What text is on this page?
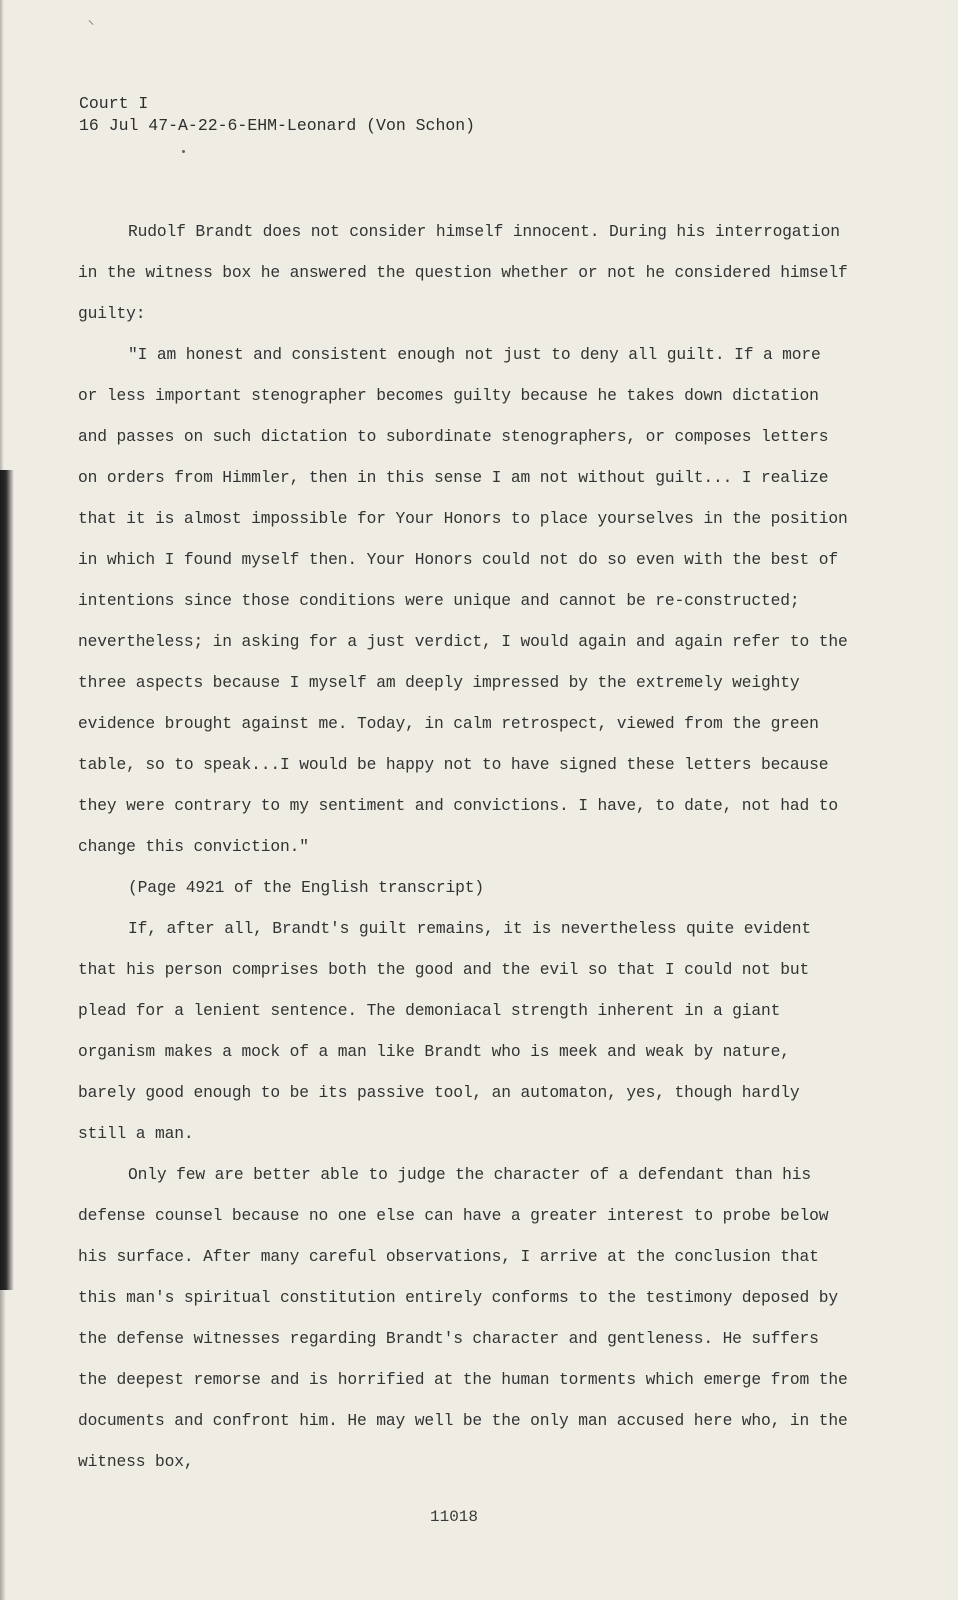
Court I
16 Jul 47-A-22-6-EHM-Leonard (Von Schon)

Rudolf Brandt does not consider himself innocent. During his interrogation in the witness box he answered the question whether or not he considered himself guilty:

"I am honest and consistent enough not just to deny all guilt. If a more or less important stenographer becomes guilty because he takes down dictation and passes on such dictation to subordinate stenographers, or composes letters on orders from Himmler, then in this sense I am not without guilt... I realize that it is almost impossible for Your Honors to place yourselves in the position in which I found myself then. Your Honors could not do so even with the best of intentions since those conditions were unique and cannot be re-constructed; nevertheless; in asking for a just verdict, I would again and again refer to the three aspects because I myself am deeply impressed by the extremely weighty evidence brought against me. Today, in calm retrospect, viewed from the green table, so to speak...I would be happy not to have signed these letters because they were contrary to my sentiment and convictions. I have, to date, not had to change this conviction."

(Page 4921 of the English transcript)

If, after all, Brandt's guilt remains, it is nevertheless quite evident that his person comprises both the good and the evil so that I could not but plead for a lenient sentence. The demoniacal strength inherent in a giant organism makes a mock of a man like Brandt who is meek and weak by nature, barely good enough to be its passive tool, an automaton, yes, though hardly still a man.

Only few are better able to judge the character of a defendant than his defense counsel because no one else can have a greater interest to probe below his surface. After many careful observations, I arrive at the conclusion that this man's spiritual constitution entirely conforms to the testimony deposed by the defense witnesses regarding Brandt's character and gentleness. He suffers the deepest remorse and is horrified at the human torments which emerge from the documents and confront him. He may well be the only man accused here who, in the witness box,

11018
